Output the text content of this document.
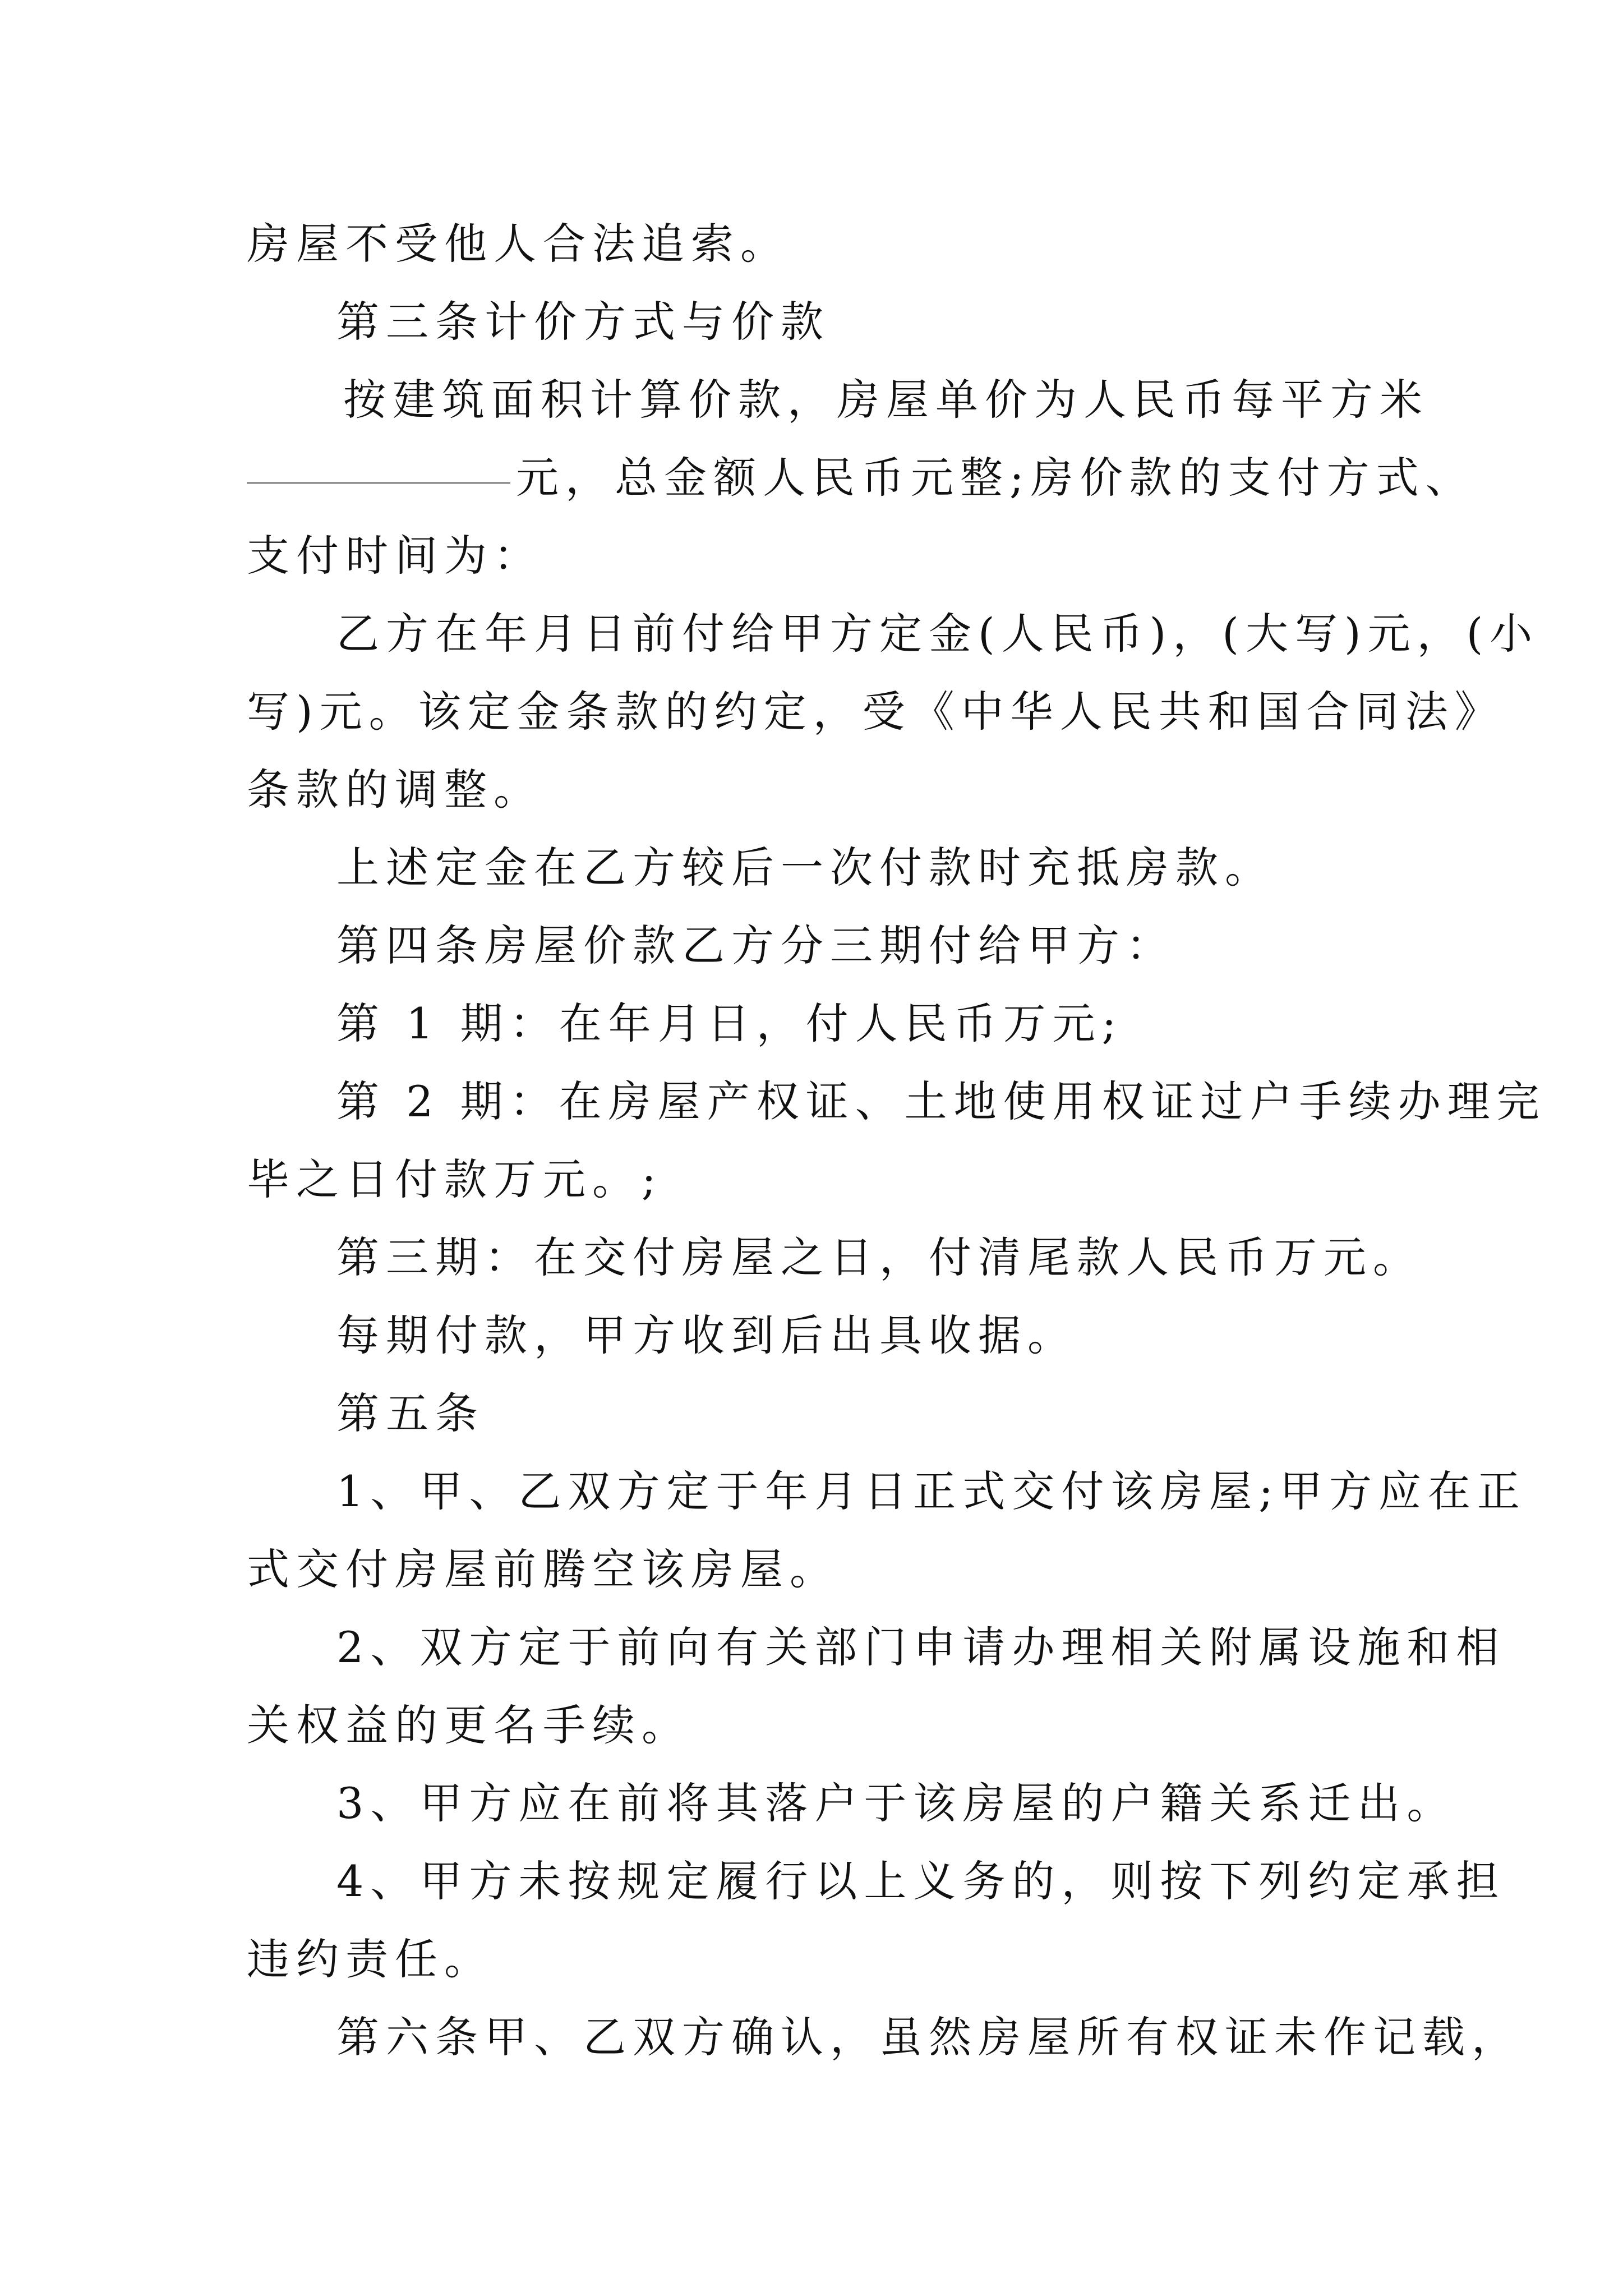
房屋不受他人合法追索。
第三条计价方式与价款
按建筑面积计算价款，房屋单价为人民币每平方米
元，总金额人民币元整;房价款的支付方式、
支付时间为：
乙方在年月日前付给甲方定金(人民币)，(大写)元，(小
写)元。该定金条款的约定，受《中华人民共和国合同法》
条款的调整。
上述定金在乙方较后一次付款时充抵房款。
第四条房屋价款乙方分三期付给甲方：
第 1 期：在年月日，付人民币万元;
第 2 期：在房屋产权证、土地使用权证过户手续办理完
毕之日付款万元。;
第三期：在交付房屋之日，付清尾款人民币万元。
每期付款，甲方收到后出具收据。
第五条
1、甲、乙双方定于年月日正式交付该房屋;甲方应在正
式交付房屋前腾空该房屋。
2、双方定于前向有关部门申请办理相关附属设施和相
关权益的更名手续。
3、甲方应在前将其落户于该房屋的户籍关系迁出。
4、甲方未按规定履行以上义务的，则按下列约定承担
违约责任。
第六条甲、乙双方确认，虽然房屋所有权证未作记载，
